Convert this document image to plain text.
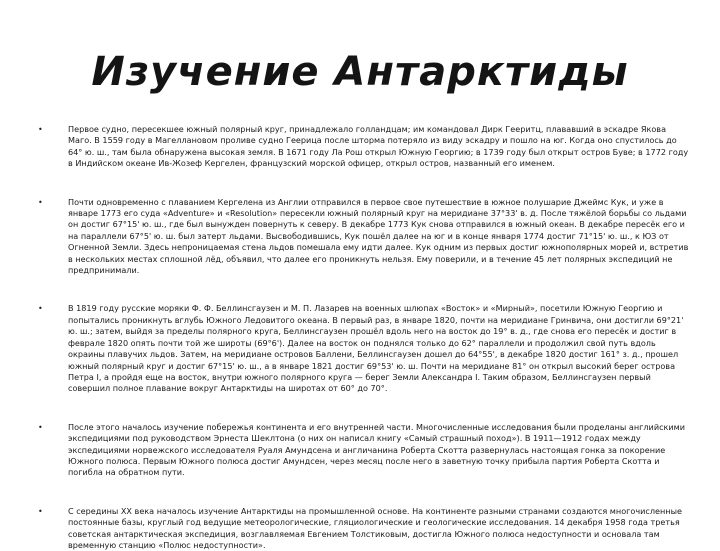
Изучение Антарктиды
•	Первое судно, пересекшее южный полярный круг, принадлежало голландцам; им командовал Дирк Гееритц, плававший в эскадре Якова Маго. В 1559 году в Магеллановом проливе судно Геерица после шторма потеряло из виду эскадру и пошло на юг. Когда оно спустилось до 64° ю. ш., там была обнаружена высокая земля. В 1671 году Ла Рош открыл Южную Георгию; в 1739 году был открыт остров Буве; в 1772 году в Индийском океане Ив-Жозеф Кергелен, французский морской офицер, открыл остров, названный его именем.
•	Почти одновременно с плаванием Кергелена из Англии отправился в первое свое путешествие в южное полушарие Джеймс Кук, и уже в январе 1773 его суда «Adventure» и «Resolution» пересекли южный полярный круг на меридиане 37°33' в. д. После тяжёлой борьбы со льдами он достиг 67°15' ю. ш., где был вынужден повернуть к северу. В декабре 1773 Кук снова отправился в южный океан. В декабре пересёк его и на параллели 67°5' ю. ш. был затерт льдами. Высвободившись, Кук пошёл далее на юг и в конце января 1774 достиг 71°15' ю. ш., к ЮЗ от Огненной Земли. Здесь непроницаемая стена льдов помешала ему идти далее. Кук одним из первых достиг южнополярных морей и, встретив в нескольких местах сплошной лёд, объявил, что далее его проникнуть нельзя. Ему поверили, и в течение 45 лет полярных экспедиций не предпринимали.
•	В 1819 году русские моряки Ф. Ф. Беллинсгаузен и М. П. Лазарев на военных шлюпах «Восток» и «Мирный», посетили Южную Георгию и попытались проникнуть вглубь Южного Ледовитого океана. В первый раз, в январе 1820, почти на меридиане Гринвича, они достигли 69°21' ю. ш.; затем, выйдя за пределы полярного круга, Беллинсгаузен прошёл вдоль него на восток до 19° в. д., где снова его пересёк и достиг в феврале 1820 опять почти той же широты (69°6'). Далее на восток он поднялся только до 62° параллели и продолжил свой путь вдоль окраины плавучих льдов. Затем, на меридиане островов Баллени, Беллинсгаузен дошел до 64°55', в декабре 1820 достиг 161° з. д., прошел южный полярный круг и достиг 67°15' ю. ш., а в январе 1821 достиг 69°53' ю. ш. Почти на меридиане 81° он открыл высокий берег острова Петра I, а пройдя еще на восток, внутри южного полярного круга — берег Земли Александра I. Таким образом, Беллинсгаузен первый совершил полное плавание вокруг Антарктиды на широтах от 60° до 70°.
•	После этого началось изучение побережья континента и его внутренней части. Многочисленные исследования были проделаны английскими экспедициями под руководством Эрнеста Шеклтона (о них он написал книгу «Самый страшный поход»). В 1911—1912 годах между экспедициями норвежского исследователя Руаля Амундсена и англичанина Роберта Скотта развернулась настоящая гонка за покорение Южного полюса. Первым Южного полюса достиг Амундсен, через месяц после него в заветную точку прибыла партия Роберта Скотта и погибла на обратном пути.
•	С середины XX века началось изучение Антарктиды на промышленной основе. На континенте разными странами создаются многочисленные постоянные базы, круглый год ведущие метеорологические, гляциологические и геологические исследования. 14 декабря 1958 года третья советская антарктическая экспедиция, возглавляемая Евгением Толстиковым, достигла Южного полюса недоступности и основала там временную станцию «Полюс недоступности».
